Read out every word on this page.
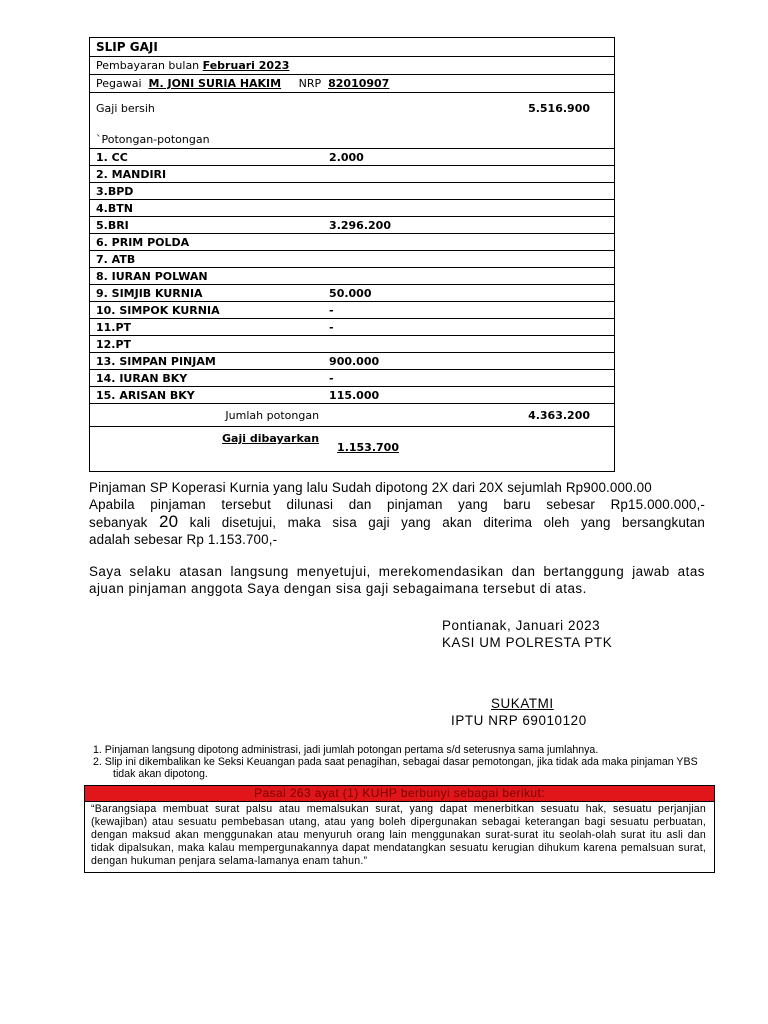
SLIP GAJI		
Pembayaran bulan Februari 2023		
Pegawai M. JONI SURIA HAKIM NRP 82010907		

Gaji bersih		5.516.900
`Potongan-potongan		
1. CC	2.000	
2. MANDIRI		
3.BPD		
4.BTN		
5.BRI	3.296.200	
6. PRIM POLDA		
7. ATB		
8. IURAN POLWAN		
9. SIMJIB KURNIA	50.000	
10. SIMPOK KURNIA	-	
11.PT	-	
12.PT		
13. SIMPAN PINJAM	900.000	
14. IURAN BKY	-	
15. ARISAN BKY	115.000	
Jumlah potongan		4.363.200
Gaji dibayarkan	1.153.700	
Pinjaman SP Koperasi Kurnia yang lalu Sudah dipotong 2X dari 20X sejumlah Rp900.000.00
Apabila pinjaman tersebut dilunasi dan pinjaman yang baru sebesar Rp15.000.000,-
sebanyak 20 kali disetujui, maka sisa gaji yang akan diterima oleh yang bersangkutan
adalah sebesar Rp 1.153.700,-
Saya selaku atasan langsung menyetujui, merekomendasikan dan bertanggung jawab atas ajuan pinjaman anggota Saya dengan sisa gaji sebagaimana tersebut di atas.
Pontianak, Januari 2023
KASI UM POLRESTA PTK
SUKATMI
IPTU NRP 69010120
1. Pinjaman langsung dipotong administrasi, jadi jumlah potongan pertama s/d seterusnya sama jumlahnya.
2. Slip ini dikembalikan ke Seksi Keuangan pada saat penagihan, sebagai dasar pemotongan, jika tidak ada maka pinjaman YBS tidak akan dipotong.
Pasal 263 ayat (1) KUHP berbunyi sebagai berikut:
“Barangsiapa membuat surat palsu atau memalsukan surat, yang dapat menerbitkan sesuatu hak, sesuatu perjanjian (kewajiban) atau sesuatu pembebasan utang, atau yang boleh dipergunakan sebagai keterangan bagi sesuatu perbuatan, dengan maksud akan menggunakan atau menyuruh orang lain menggunakan surat-surat itu seolah-olah surat itu asli dan tidak dipalsukan, maka kalau mempergunakannya dapat mendatangkan sesuatu kerugian dihukum karena pemalsuan surat, dengan hukuman penjara selama-lamanya enam tahun.”
